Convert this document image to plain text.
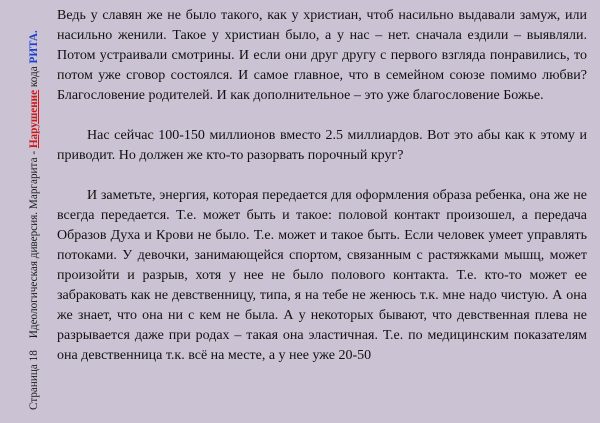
Страница 18Идеологическая диверсия. Маргарита - Нарушение кода РИТА.

Ведь у славян же не было такого, как у христиан, чтоб насильно выдавали замуж, или насильно женили. Такое у христиан было, а у нас – нет. сначала ездили – выявляли. Потом устраивали смотрины. И если они друг другу с первого взгляда понравились, то потом уже сговор состоялся. И самое главное, что в семейном союзе помимо любви? Благословение родителей. И как дополнительное – это уже благословение Божье.

Нас сейчас 100-150 миллионов вместо 2.5 миллиардов. Вот это абы как к этому и приводит. Но должен же кто-то разорвать порочный круг?

И заметьте, энергия, которая передается для оформления образа ребенка, она же не всегда передается. Т.е. может быть и такое: половой контакт произошел, а передача Образов Духа и Крови не было. Т.е. может и такое быть. Если человек умеет управлять потоками. У девочки, занимающейся спортом, связанным с растяжками мышц, может произойти и разрыв, хотя у нее не было полового контакта. Т.е. кто-то может ее забраковать как не девственницу, типа, я на тебе не женюсь т.к. мне надо чистую. А она же знает, что она ни с кем не была. А у некоторых бывают, что девственная плева не разрывается даже при родах – такая она эластичная. Т.е. по медицинским показателям она девственница т.к. всё на месте, а у нее уже 20-50
